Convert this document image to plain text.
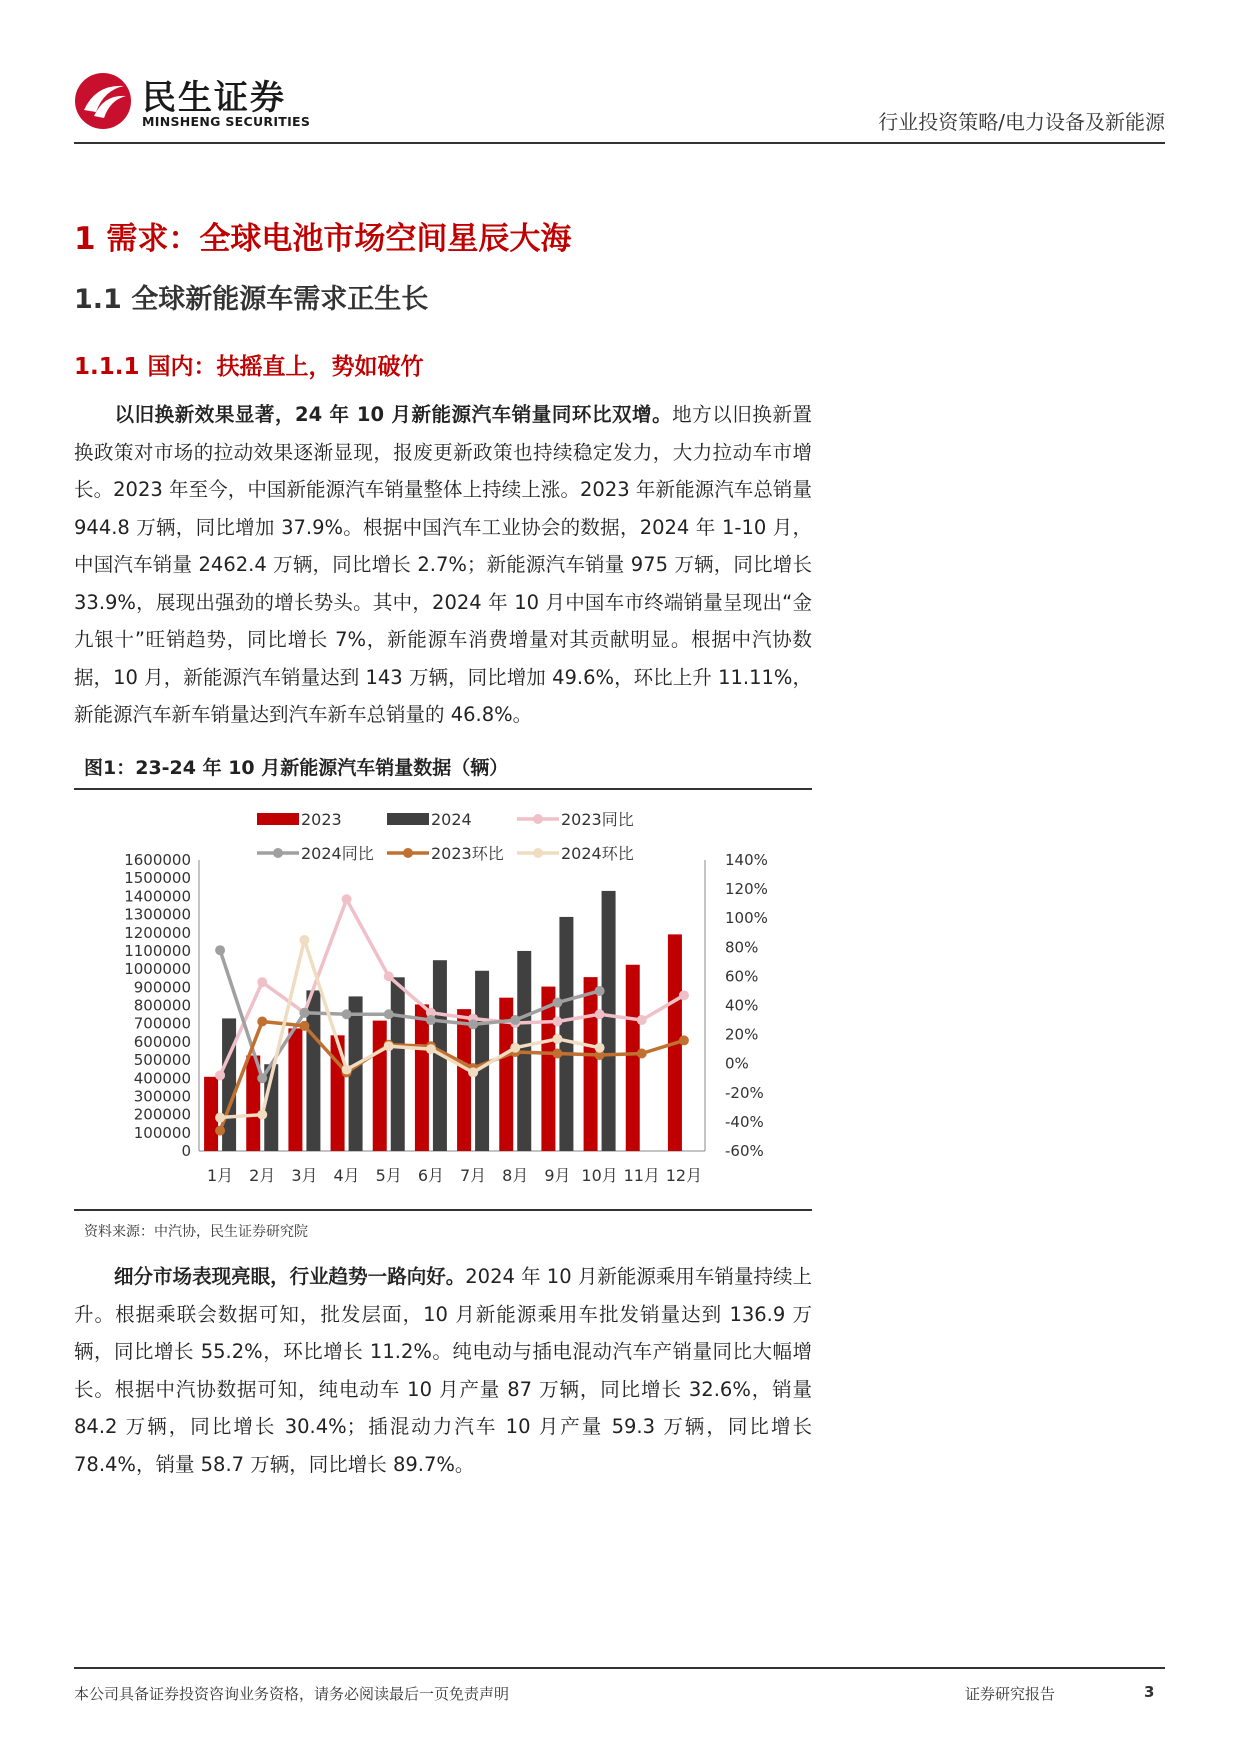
民生证券
MINSHENG SECURITIES	行业投资策略/电力设备及新能源
1 需求：全球电池市场空间星辰大海
1.1 全球新能源车需求正生长
1.1.1 国内：扶摇直上，势如破竹
以旧换新效果显著，24 年 10 月新能源汽车销量同环比双增。地方以旧换新置换政策对市场的拉动效果逐渐显现，报废更新政策也持续稳定发力，大力拉动车市增长。2023 年至今，中国新能源汽车销量整体上持续上涨。2023 年新能源汽车总销量 944.8 万辆，同比增加 37.9%。根据中国汽车工业协会的数据，2024 年 1-10 月，中国汽车销量 2462.4 万辆，同比增长 2.7%；新能源汽车销量 975 万辆，同比增长 33.9%，展现出强劲的增长势头。其中，2024 年 10 月中国车市终端销量呈现出“金九银十”旺销趋势，同比增长 7%，新能源车消费增量对其贡献明显。根据中汽协数据，10 月，新能源汽车销量达到 143 万辆，同比增加 49.6%，环比上升 11.11%，新能源汽车新车销量达到汽车新车总销量的 46.8%。
图1：23-24 年 10 月新能源汽车销量数据（辆）
2023	2024	2023同比
2024同比	2023环比	2024环比
0
100000
200000
300000
400000
500000
600000
700000
800000
900000
1000000
1100000
1200000
1300000
1400000
1500000
1600000
-60%
-40%
-20%
0%
20%
40%
60%
80%
100%
120%
140%
1月 2月 3月 4月 5月 6月 7月 8月 9月 10月 11月 12月
资料来源：中汽协，民生证券研究院
细分市场表现亮眼，行业趋势一路向好。2024 年 10 月新能源乘用车销量持续上升。根据乘联会数据可知，批发层面，10 月新能源乘用车批发销量达到 136.9 万辆，同比增长 55.2%，环比增长 11.2%。纯电动与插电混动汽车产销量同比大幅增长。根据中汽协数据可知，纯电动车 10 月产量 87 万辆，同比增长 32.6%，销量 84.2 万辆，同比增长 30.4%；插混动力汽车 10 月产量 59.3 万辆，同比增长 78.4%，销量 58.7 万辆，同比增长 89.7%。
本公司具备证券投资咨询业务资格，请务必阅读最后一页免责声明	证券研究报告	3
